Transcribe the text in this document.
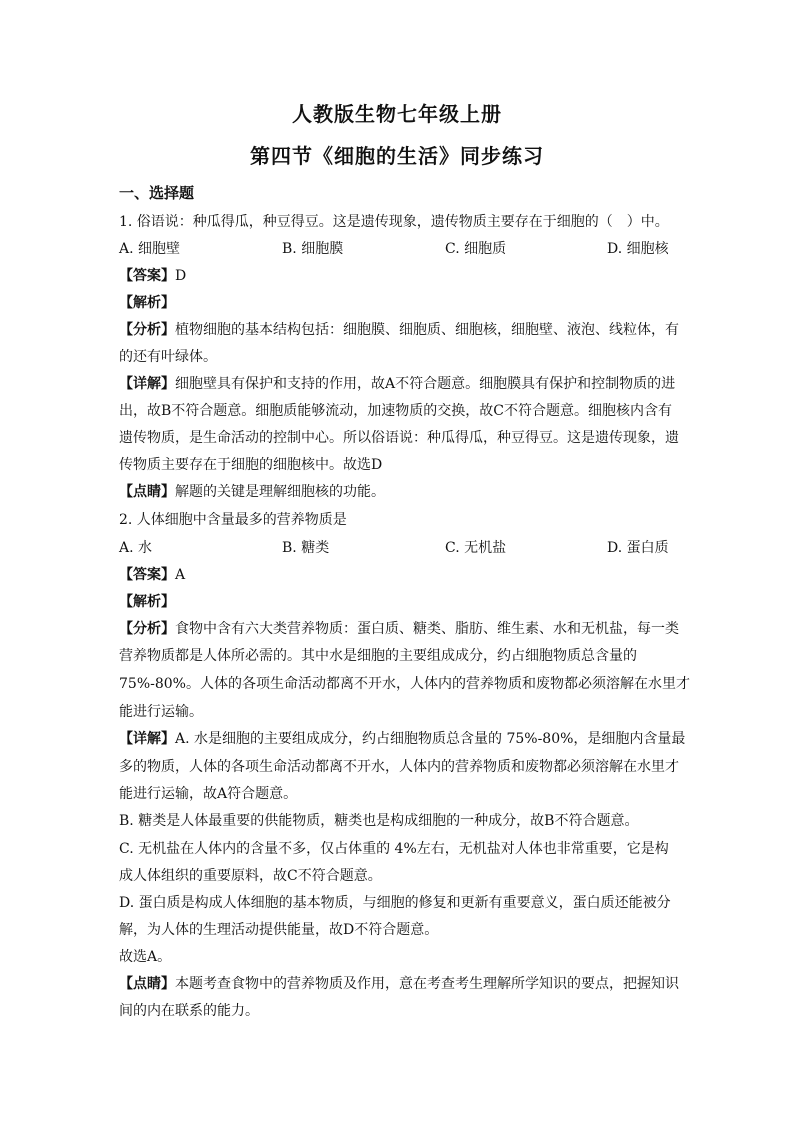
人教版生物七年级上册
第四节《细胞的生活》同步练习
一、选择题
1. 俗语说：种瓜得瓜，种豆得豆。这是遗传现象，遗传物质主要存在于细胞的（　）中。
A. 细胞壁	B. 细胞膜	C. 细胞质	D. 细胞核
【答案】D
【解析】
【分析】植物细胞的基本结构包括：细胞膜、细胞质、细胞核，细胞壁、液泡、线粒体，有
的还有叶绿体。
【详解】细胞壁具有保护和支持的作用，故A不符合题意。细胞膜具有保护和控制物质的进
出，故B不符合题意。细胞质能够流动，加速物质的交换，故C不符合题意。细胞核内含有
遗传物质，是生命活动的控制中心。所以俗语说：种瓜得瓜，种豆得豆。这是遗传现象，遗
传物质主要存在于细胞的细胞核中。故选D
【点睛】解题的关键是理解细胞核的功能。
2. 人体细胞中含量最多的营养物质是
A. 水	B. 糖类	C. 无机盐	D. 蛋白质
【答案】A
【解析】
【分析】食物中含有六大类营养物质：蛋白质、糖类、脂肪、维生素、水和无机盐，每一类
营养物质都是人体所必需的。其中水是细胞的主要组成成分，约占细胞物质总含量的
75%-80%。人体的各项生命活动都离不开水，人体内的营养物质和废物都必须溶解在水里才
能进行运输。
【详解】A. 水是细胞的主要组成成分，约占细胞物质总含量的 75%-80%，是细胞内含量最
多的物质，人体的各项生命活动都离不开水，人体内的营养物质和废物都必须溶解在水里才
能进行运输，故A符合题意。
B. 糖类是人体最重要的供能物质，糖类也是构成细胞的一种成分，故B不符合题意。
C. 无机盐在人体内的含量不多，仅占体重的 4%左右，无机盐对人体也非常重要，它是构
成人体组织的重要原料，故C不符合题意。
D. 蛋白质是构成人体细胞的基本物质，与细胞的修复和更新有重要意义，蛋白质还能被分
解，为人体的生理活动提供能量，故D不符合题意。
故选A。
【点睛】本题考查食物中的营养物质及作用，意在考查考生理解所学知识的要点，把握知识
间的内在联系的能力。
